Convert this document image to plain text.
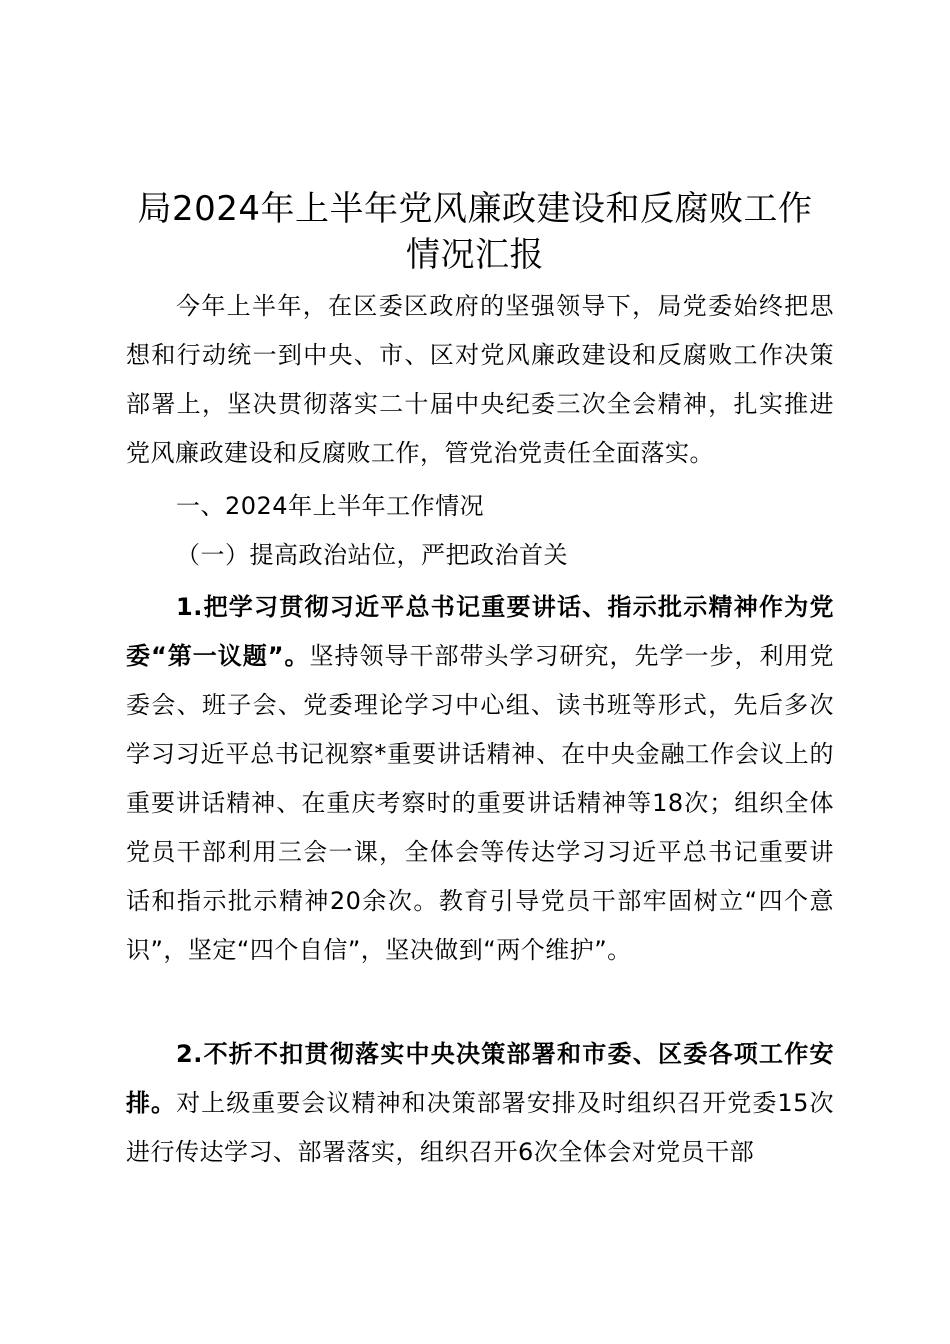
局2024年上半年党风廉政建设和反腐败工作
情况汇报

今年上半年，在区委区政府的坚强领导下，局党委始终把思想和行动统一到中央、市、区对党风廉政建设和反腐败工作决策部署上，坚决贯彻落实二十届中央纪委三次全会精神，扎实推进党风廉政建设和反腐败工作，管党治党责任全面落实。

一、2024年上半年工作情况

（一）提高政治站位，严把政治首关

1.把学习贯彻习近平总书记重要讲话、指示批示精神作为党委“第一议题”。坚持领导干部带头学习研究，先学一步，利用党委会、班子会、党委理论学习中心组、读书班等形式，先后多次学习习近平总书记视察*重要讲话精神、在中央金融工作会议上的重要讲话精神、在重庆考察时的重要讲话精神等18次；组织全体党员干部利用三会一课，全体会等传达学习习近平总书记重要讲话和指示批示精神20余次。教育引导党员干部牢固树立“四个意识”，坚定“四个自信”，坚决做到“两个维护”。

2.不折不扣贯彻落实中央决策部署和市委、区委各项工作安排。对上级重要会议精神和决策部署安排及时组织召开党委15次进行传达学习、部署落实，组织召开6次全体会对党员干部
